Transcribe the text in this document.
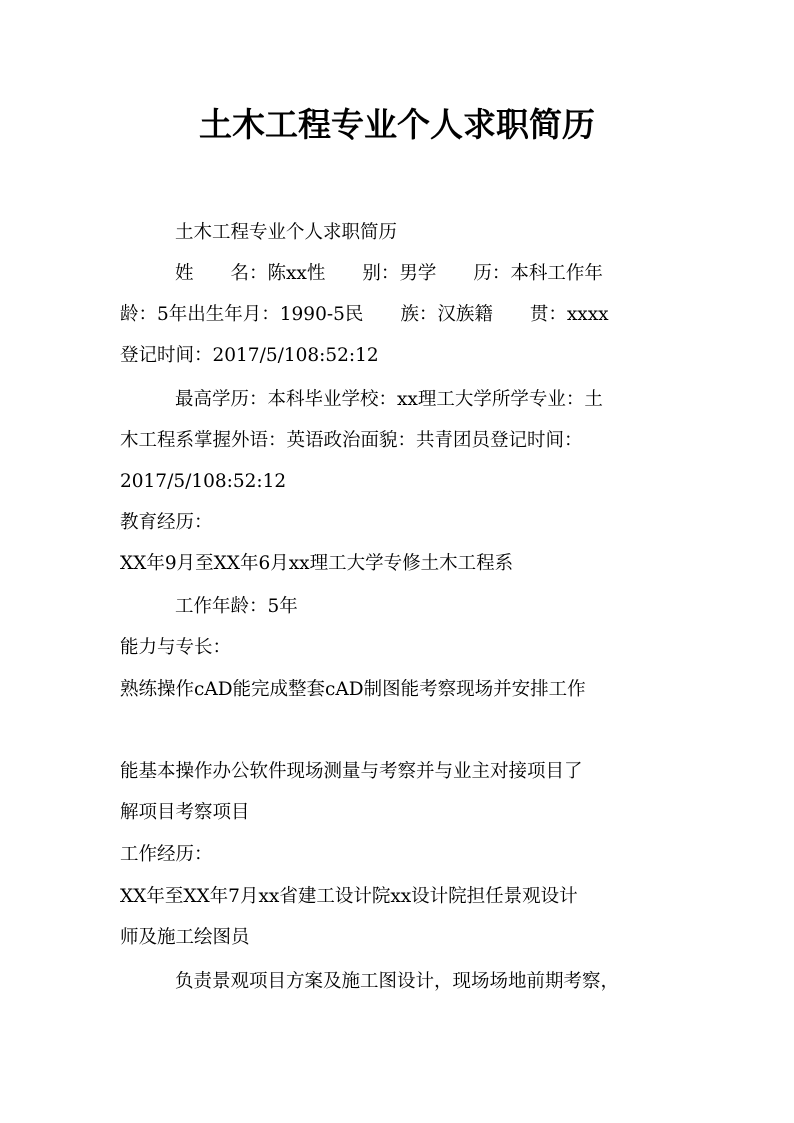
土木工程专业个人求职简历
土木工程专业个人求职简历
姓　　名：陈xx性　　别：男学　　历：本科工作年
龄：5年出生年月：1990-5民　　族：汉族籍　　贯：xxxx
登记时间：2017/5/108:52:12
最高学历：本科毕业学校：xx理工大学所学专业：土
木工程系掌握外语：英语政治面貌：共青团员登记时间：
2017/5/108:52:12
教育经历：
XX年9月至XX年6月xx理工大学专修土木工程系
工作年龄：5年
能力与专长：
熟练操作cAD能完成整套cAD制图能考察现场并安排工作
能基本操作办公软件现场测量与考察并与业主对接项目了
解项目考察项目
工作经历：
XX年至XX年7月xx省建工设计院xx设计院担任景观设计
师及施工绘图员
负责景观项目方案及施工图设计，现场场地前期考察，
